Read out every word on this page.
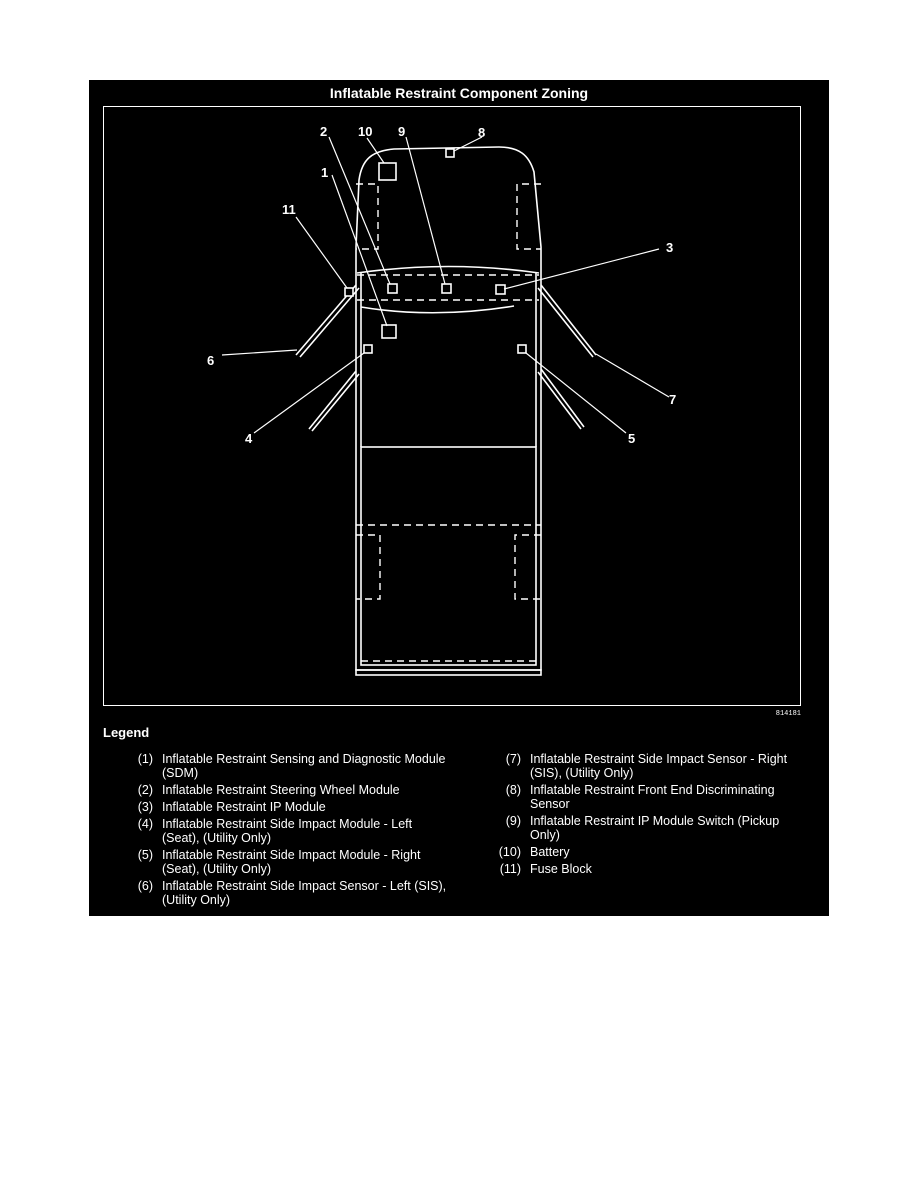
Inflatable Restraint Component Zoning
1
2
3
4	5
6
7
8
9
10
11
814181
Legend
(1) Inflatable Restraint Sensing and Diagnostic Module (SDM)
(2) Inflatable Restraint Steering Wheel Module
(3) Inflatable Restraint IP Module
(4) Inflatable Restraint Side Impact Module - Left (Seat), (Utility Only)
(5) Inflatable Restraint Side Impact Module - Right (Seat), (Utility Only)
(6) Inflatable Restraint Side Impact Sensor - Left (SIS), (Utility Only)
(7) Inflatable Restraint Side Impact Sensor - Right (SIS), (Utility Only)
(8) Inflatable Restraint Front End Discriminating Sensor
(9) Inflatable Restraint IP Module Switch (Pickup Only)
(10) Battery
(11) Fuse Block
